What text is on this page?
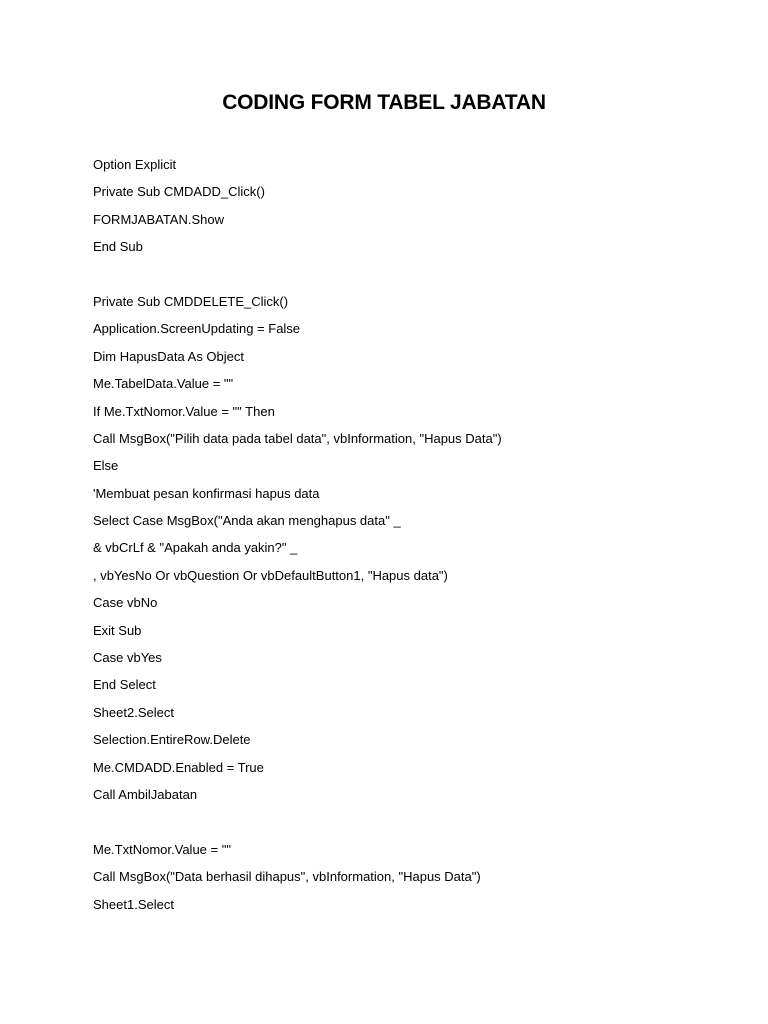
CODING FORM TABEL JABATAN
Option Explicit
Private Sub CMDADD_Click()
FORMJABATAN.Show
End Sub
Private Sub CMDDELETE_Click()
Application.ScreenUpdating = False
Dim HapusData As Object
Me.TabelData.Value = ""
If Me.TxtNomor.Value = "" Then
Call MsgBox("Pilih data pada tabel data", vbInformation, "Hapus Data")
Else
'Membuat pesan konfirmasi hapus data
Select Case MsgBox("Anda akan menghapus data" _
& vbCrLf & "Apakah anda yakin?" _
, vbYesNo Or vbQuestion Or vbDefaultButton1, "Hapus data")
Case vbNo
Exit Sub
Case vbYes
End Select
Sheet2.Select
Selection.EntireRow.Delete
Me.CMDADD.Enabled = True
Call AmbilJabatan
Me.TxtNomor.Value = ""
Call MsgBox("Data berhasil dihapus", vbInformation, "Hapus Data")
Sheet1.Select
